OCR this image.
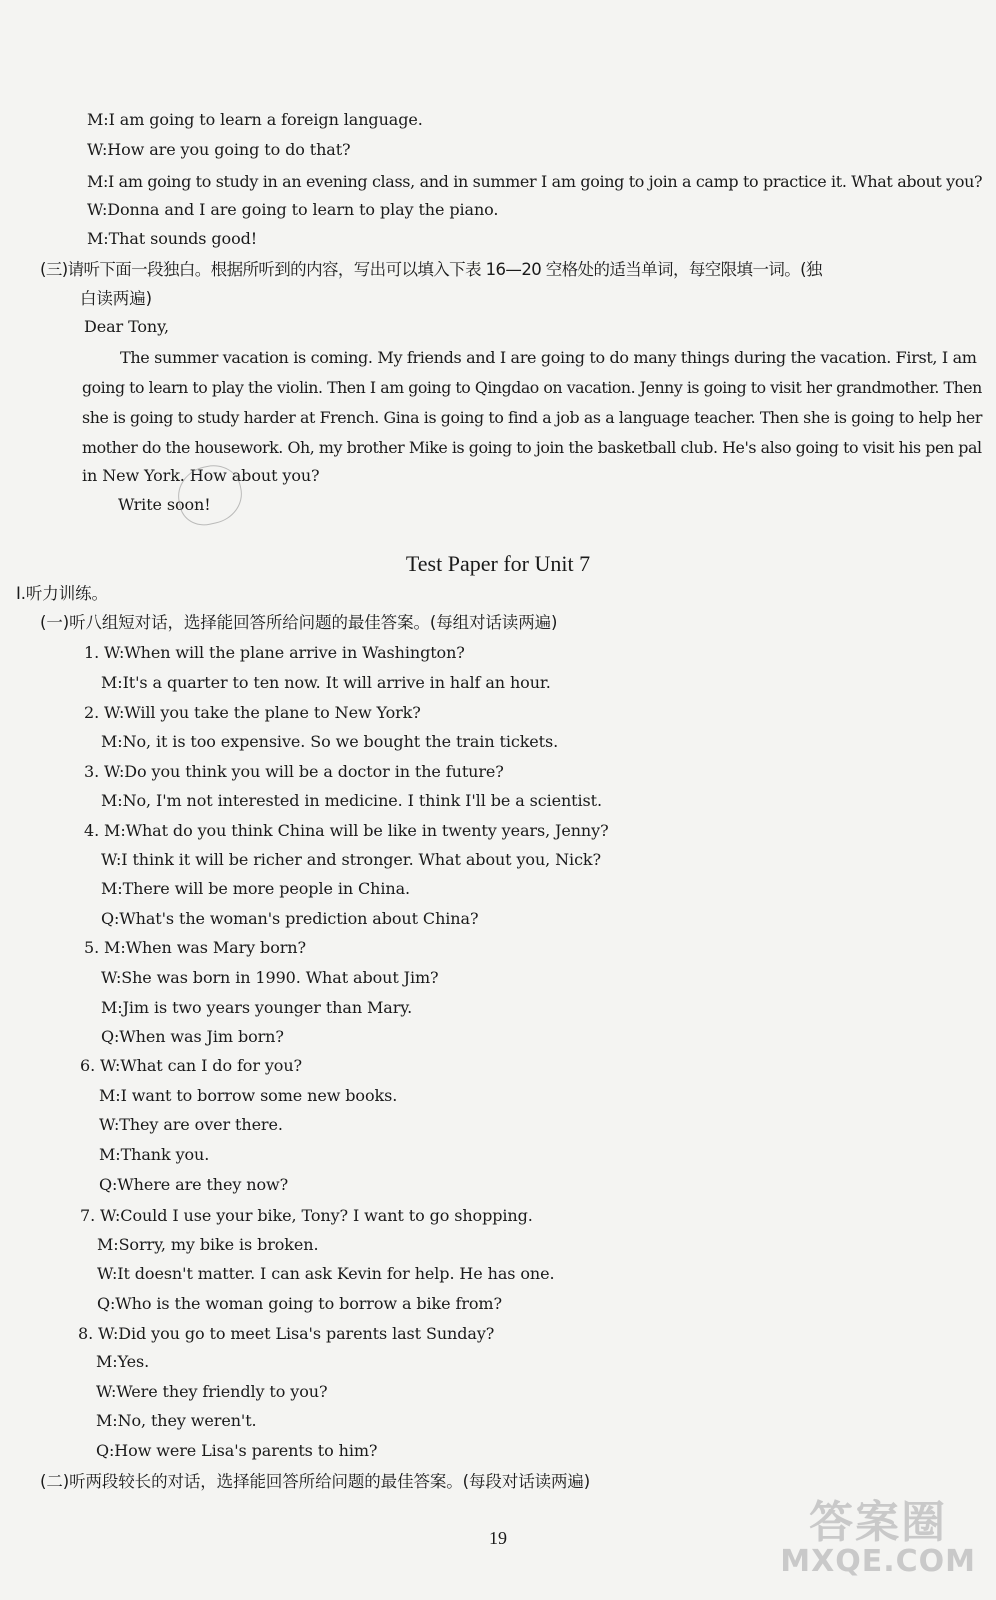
M:I am going to learn a foreign language.
W:How are you going to do that?
M:I am going to study in an evening class, and in summer I am going to join a camp to practice it. What about you?
W:Donna and I are going to learn to play the piano.
M:That sounds good!
(三)请听下面一段独白。根据所听到的内容，写出可以填入下表 16—20 空格处的适当单词，每空限填一词。(独
白读两遍)
Dear Tony,
The summer vacation is coming. My friends and I are going to do many things during the vacation. First, I am
going to learn to play the violin. Then I am going to Qingdao on vacation. Jenny is going to visit her grandmother. Then
she is going to study harder at French. Gina is going to find a job as a language teacher. Then she is going to help her
mother do the housework. Oh, my brother Mike is going to join the basketball club. He's also going to visit his pen pal
in New York. How about you?
Write soon!
Test Paper for Unit 7
Ⅰ.听力训练。
(一)听八组短对话，选择能回答所给问题的最佳答案。(每组对话读两遍)
1. W:When will the plane arrive in Washington?
M:It's a quarter to ten now. It will arrive in half an hour.
2. W:Will you take the plane to New York?
M:No, it is too expensive. So we bought the train tickets.
3. W:Do you think you will be a doctor in the future?
M:No, I'm not interested in medicine. I think I'll be a scientist.
4. M:What do you think China will be like in twenty years, Jenny?
W:I think it will be richer and stronger. What about you, Nick?
M:There will be more people in China.
Q:What's the woman's prediction about China?
5. M:When was Mary born?
W:She was born in 1990. What about Jim?
M:Jim is two years younger than Mary.
Q:When was Jim born?
6. W:What can I do for you?
M:I want to borrow some new books.
W:They are over there.
M:Thank you.
Q:Where are they now?
7. W:Could I use your bike, Tony? I want to go shopping.
M:Sorry, my bike is broken.
W:It doesn't matter. I can ask Kevin for help. He has one.
Q:Who is the woman going to borrow a bike from?
8. W:Did you go to meet Lisa's parents last Sunday?
M:Yes.
W:Were they friendly to you?
M:No, they weren't.
Q:How were Lisa's parents to him?
(二)听两段较长的对话，选择能回答所给问题的最佳答案。(每段对话读两遍)
19	答案圈
MXQE.COM
